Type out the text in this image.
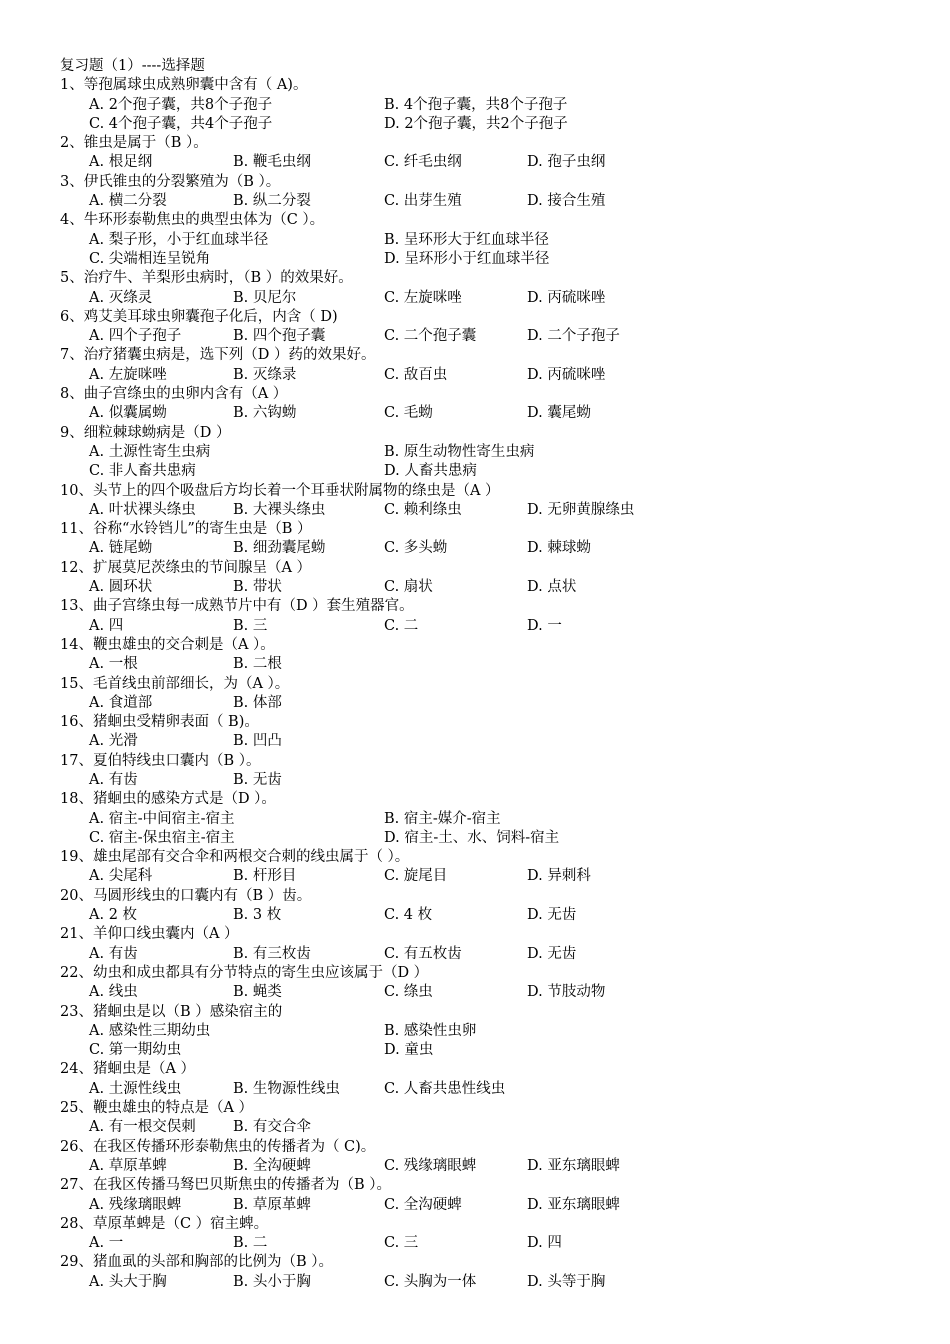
复习题（1）----选择题
1、等孢属球虫成熟卵囊中含有（ A)。
A. 2个孢子囊，共8个子孢子	B. 4个孢子囊，共8个子孢子
C. 4个孢子囊，共4个子孢子	D. 2个孢子囊，共2个子孢子
2、锥虫是属于（B ）。
A. 根足纲	B. 鞭毛虫纲	C. 纤毛虫纲	D. 孢子虫纲
3、伊氏锥虫的分裂繁殖为（B ）。
A. 横二分裂	B. 纵二分裂	C. 出芽生殖	D. 接合生殖
4、牛环形泰勒焦虫的典型虫体为（C ）。
A. 梨子形，小于红血球半径	B. 呈环形大于红血球半径
C. 尖端相连呈锐角	D. 呈环形小于红血球半径
5、治疗牛、羊梨形虫病时，（B ）的效果好。
A. 灭绦灵	B. 贝尼尔	C. 左旋咪唑	D. 丙硫咪唑
6、鸡艾美耳球虫卵囊孢子化后，内含（ D)
A. 四个子孢子	B. 四个孢子囊	C. 二个孢子囊	D. 二个子孢子
7、治疗猪囊虫病是，选下列（D ）药的效果好。
A. 左旋咪唑	B. 灭绦录	C. 敌百虫	D. 丙硫咪唑
8、曲子宫绦虫的虫卵内含有（A ）
A. 似囊属蚴	B. 六钩蚴	C. 毛蚴	D. 囊尾蚴
9、细粒棘球蚴病是（D ）
A. 土源性寄生虫病	B. 原生动物性寄生虫病
C. 非人畜共患病	D. 人畜共患病
10、头节上的四个吸盘后方均长着一个耳垂状附属物的绦虫是（A ）
A. 叶状裸头绦虫	B. 大裸头绦虫	C. 赖利绦虫	D. 无卵黄腺绦虫
11、谷称“水铃铛儿”的寄生虫是（B ）
A. 链尾蚴	B. 细劲囊尾蚴	C. 多头蚴	D. 棘球蚴
12、扩展莫尼茨绦虫的节间腺呈（A ）
A. 圆环状	B. 带状	C. 扇状	D. 点状
13、曲子宫绦虫每一成熟节片中有（D ）套生殖器官。
A. 四	B. 三	C. 二	D. 一
14、鞭虫雄虫的交合刺是（A ）。
A. 一根	B. 二根
15、毛首线虫前部细长，为（A ）。
A. 食道部	B. 体部
16、猪蛔虫受精卵表面（ B)。
A. 光滑	B. 凹凸
17、夏伯特线虫口囊内（B ）。
A. 有齿	B. 无齿
18、猪蛔虫的感染方式是（D ）。
A. 宿主-中间宿主-宿主	B. 宿主-媒介-宿主
C. 宿主-保虫宿主-宿主	D. 宿主-土、水、饲料-宿主
19、雄虫尾部有交合伞和两根交合刺的线虫属于（ ）。
A. 尖尾科	B. 杆形目	C. 旋尾目	D. 异刺科
20、马圆形线虫的口囊内有（B ）齿。
A. 2 枚	B. 3 枚	C. 4 枚	D. 无齿
21、羊仰口线虫囊内（A ）
A. 有齿	B. 有三枚齿	C. 有五枚齿	D. 无齿
22、幼虫和成虫都具有分节特点的寄生虫应该属于（D ）
A. 线虫	B. 蝇类	C. 绦虫	D. 节肢动物
23、猪蛔虫是以（B ）感染宿主的
A. 感染性三期幼虫	B. 感染性虫卵
C. 第一期幼虫	D. 童虫
24、猪蛔虫是（A ）
A. 土源性线虫	B. 生物源性线虫	C. 人畜共患性线虫
25、鞭虫雄虫的特点是（A ）
A. 有一根交俣刺	B. 有交合伞
26、在我区传播环形泰勒焦虫的传播者为（ C)。
A. 草原革蜱	B. 全沟硬蜱	C. 残缘璃眼蜱	D. 亚东璃眼蜱
27、在我区传播马驽巴贝斯焦虫的传播者为（B ）。
A. 残缘璃眼蜱	B. 草原革蜱	C. 全沟硬蜱	D. 亚东璃眼蜱
28、草原革蜱是（C ）宿主蜱。
A. 一	B. 二	C. 三	D. 四
29、猪血虱的头部和胸部的比例为（B ）。
A. 头大于胸	B. 头小于胸	C. 头胸为一体	D. 头等于胸
